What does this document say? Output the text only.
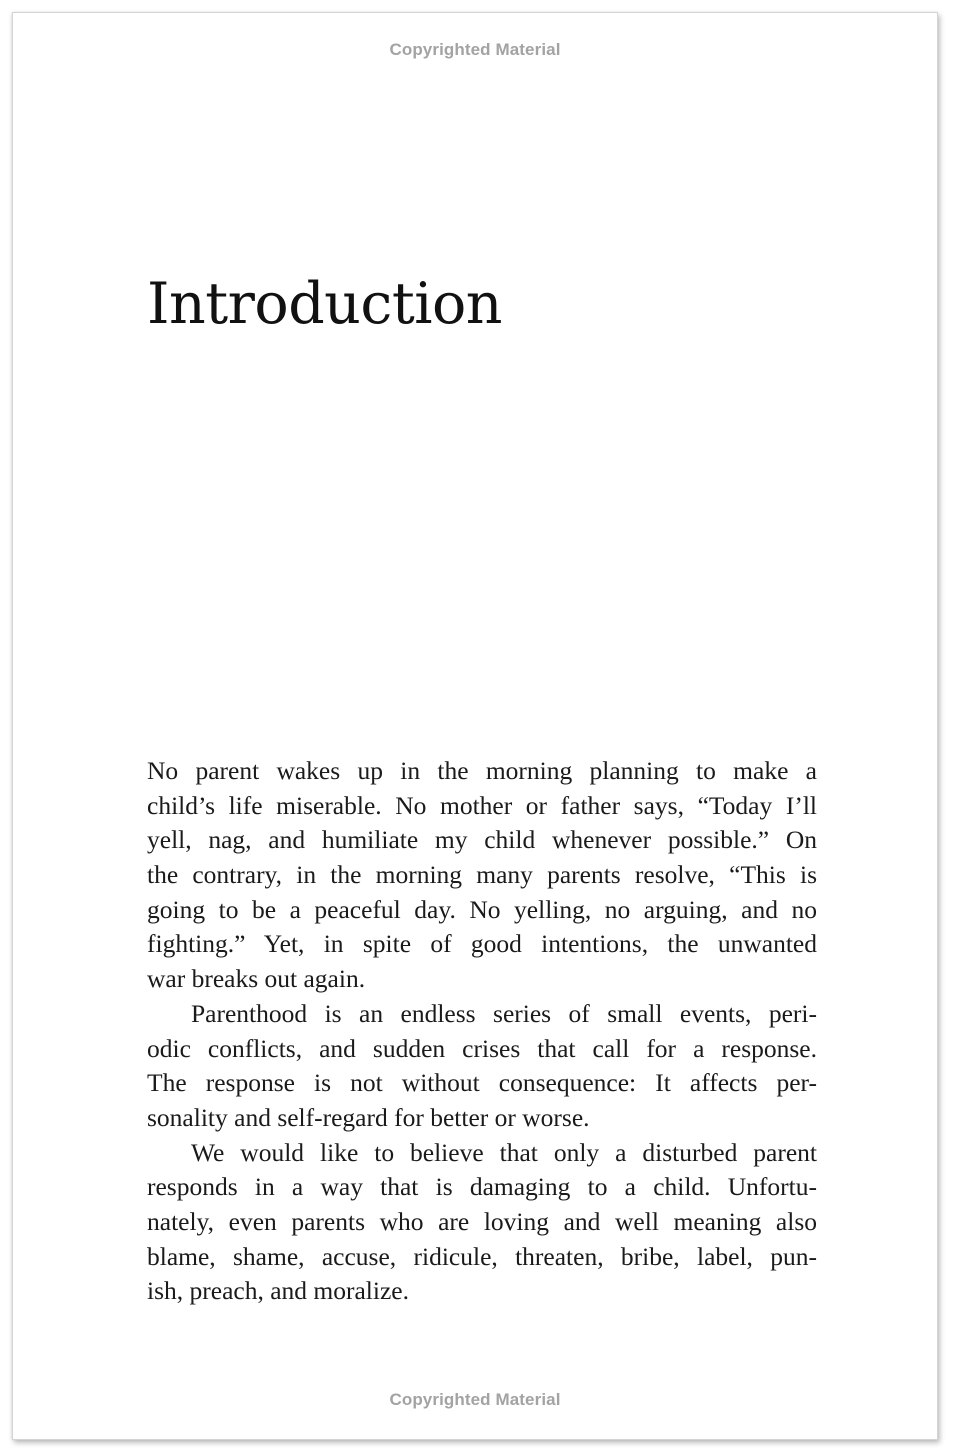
Copyrighted Material
Introduction
No parent wakes up in the morning planning to make a
child’s life miserable. No mother or father says, “Today I’ll
yell, nag, and humiliate my child whenever possible.” On
the contrary, in the morning many parents resolve, “This is
going to be a peaceful day. No yelling, no arguing, and no
fighting.” Yet, in spite of good intentions, the unwanted
war breaks out again.
Parenthood is an endless series of small events, peri-
odic conflicts, and sudden crises that call for a response.
The response is not without consequence: It affects per-
sonality and self-regard for better or worse.
We would like to believe that only a disturbed parent
responds in a way that is damaging to a child. Unfortu-
nately, even parents who are loving and well meaning also
blame, shame, accuse, ridicule, threaten, bribe, label, pun-
ish, preach, and moralize.
Copyrighted Material
